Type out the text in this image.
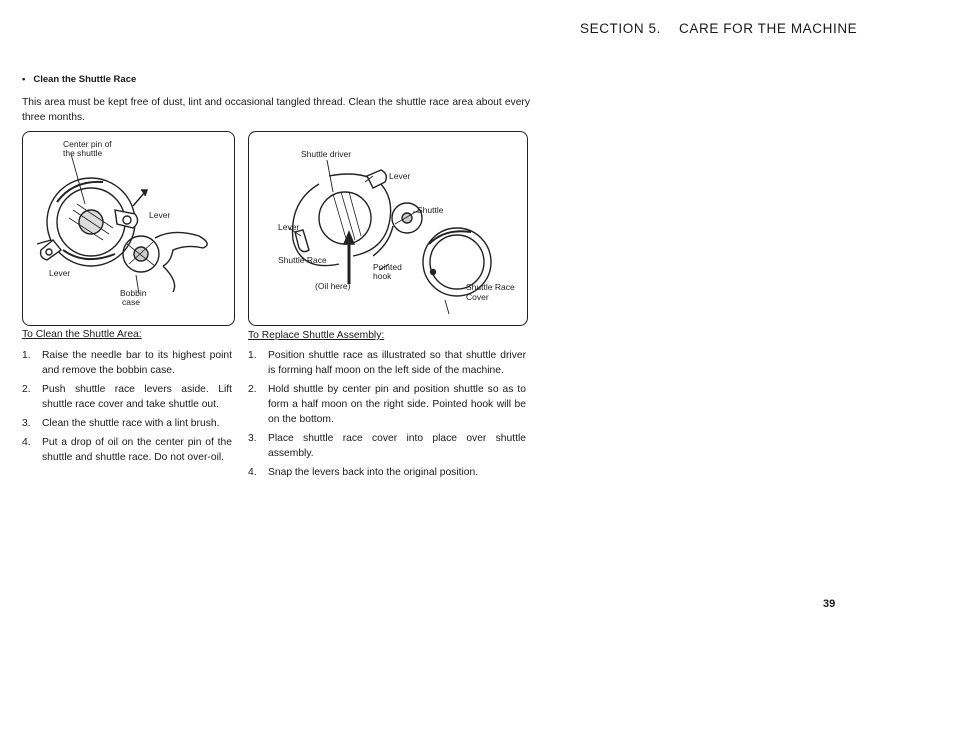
SECTION 5. CARE FOR THE MACHINE
• Clean the Shuttle Race
This area must be kept free of dust, lint and occasional tangled thread. Clean the shuttle race area about every three months.
Center pin of
the shuttle
Lever
Lever
Bobbin
case
Shuttle driver
Lever
Shuttle
Lever
Shuttle Race
(Oil here)
Pointed
hook
Shuttle Race
Cover
To Clean the Shuttle Area:
1. Raise the needle bar to its highest point and remove the bobbin case.
2. Push shuttle race levers aside. Lift shuttle race cover and take shuttle out.
3. Clean the shuttle race with a lint brush.
4. Put a drop of oil on the center pin of the shuttle and shuttle race. Do not over-oil.
To Replace Shuttle Assembly:
1. Position shuttle race as illustrated so that shuttle driver is forming half moon on the left side of the machine.
2. Hold shuttle by center pin and position shuttle so as to form a half moon on the right side. Pointed hook will be on the bottom.
3. Place shuttle race cover into place over shuttle assembly.
4. Snap the levers back into the original position.
39
